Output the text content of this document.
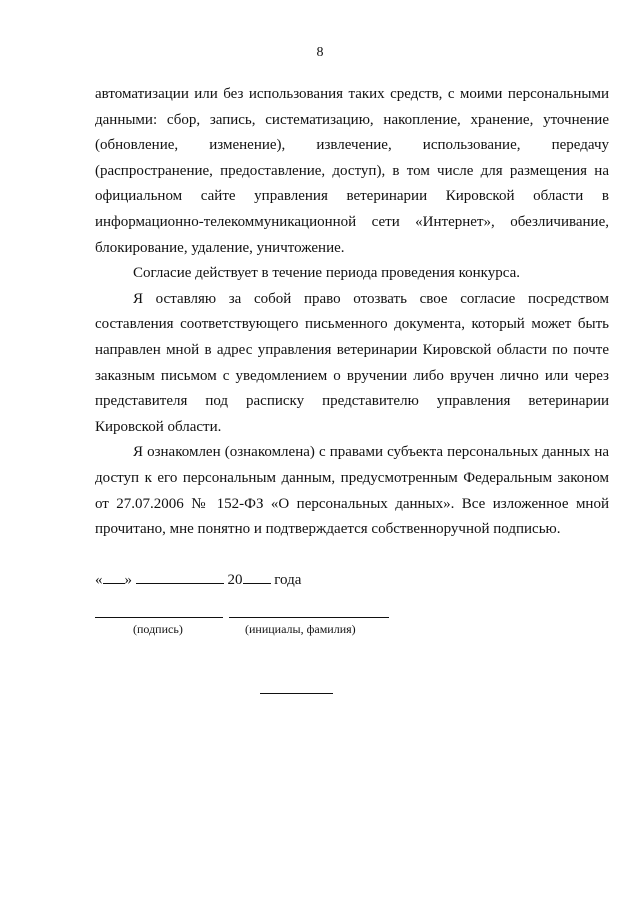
8

автоматизации или без использования таких средств, с моими персональными данными: сбор, запись, систематизацию, накопление, хранение, уточнение (обновление, изменение), извлечение, использование, передачу (распространение, предоставление, доступ), в том числе для размещения на официальном сайте управления ветеринарии Кировской области в информационно-телекоммуникационной сети «Интернет», обезличивание, блокирование, удаление, уничтожение.

Согласие действует в течение периода проведения конкурса.

Я оставляю за собой право отозвать свое согласие посредством составления соответствующего письменного документа, который может быть направлен мной в адрес управления ветеринарии Кировской области по почте заказным письмом с уведомлением о вручении либо вручен лично или через представителя под расписку представителю управления ветеринарии Кировской области.

Я ознакомлен (ознакомлена) с правами субъекта персональных данных на доступ к его персональным данным, предусмотренным Федеральным законом от 27.07.2006 № 152-ФЗ «О персональных данных». Все изложенное мной прочитано, мне понятно и подтверждается собственноручной подписью.

« »	20 года
(подпись)	(инициалы, фамилия)
